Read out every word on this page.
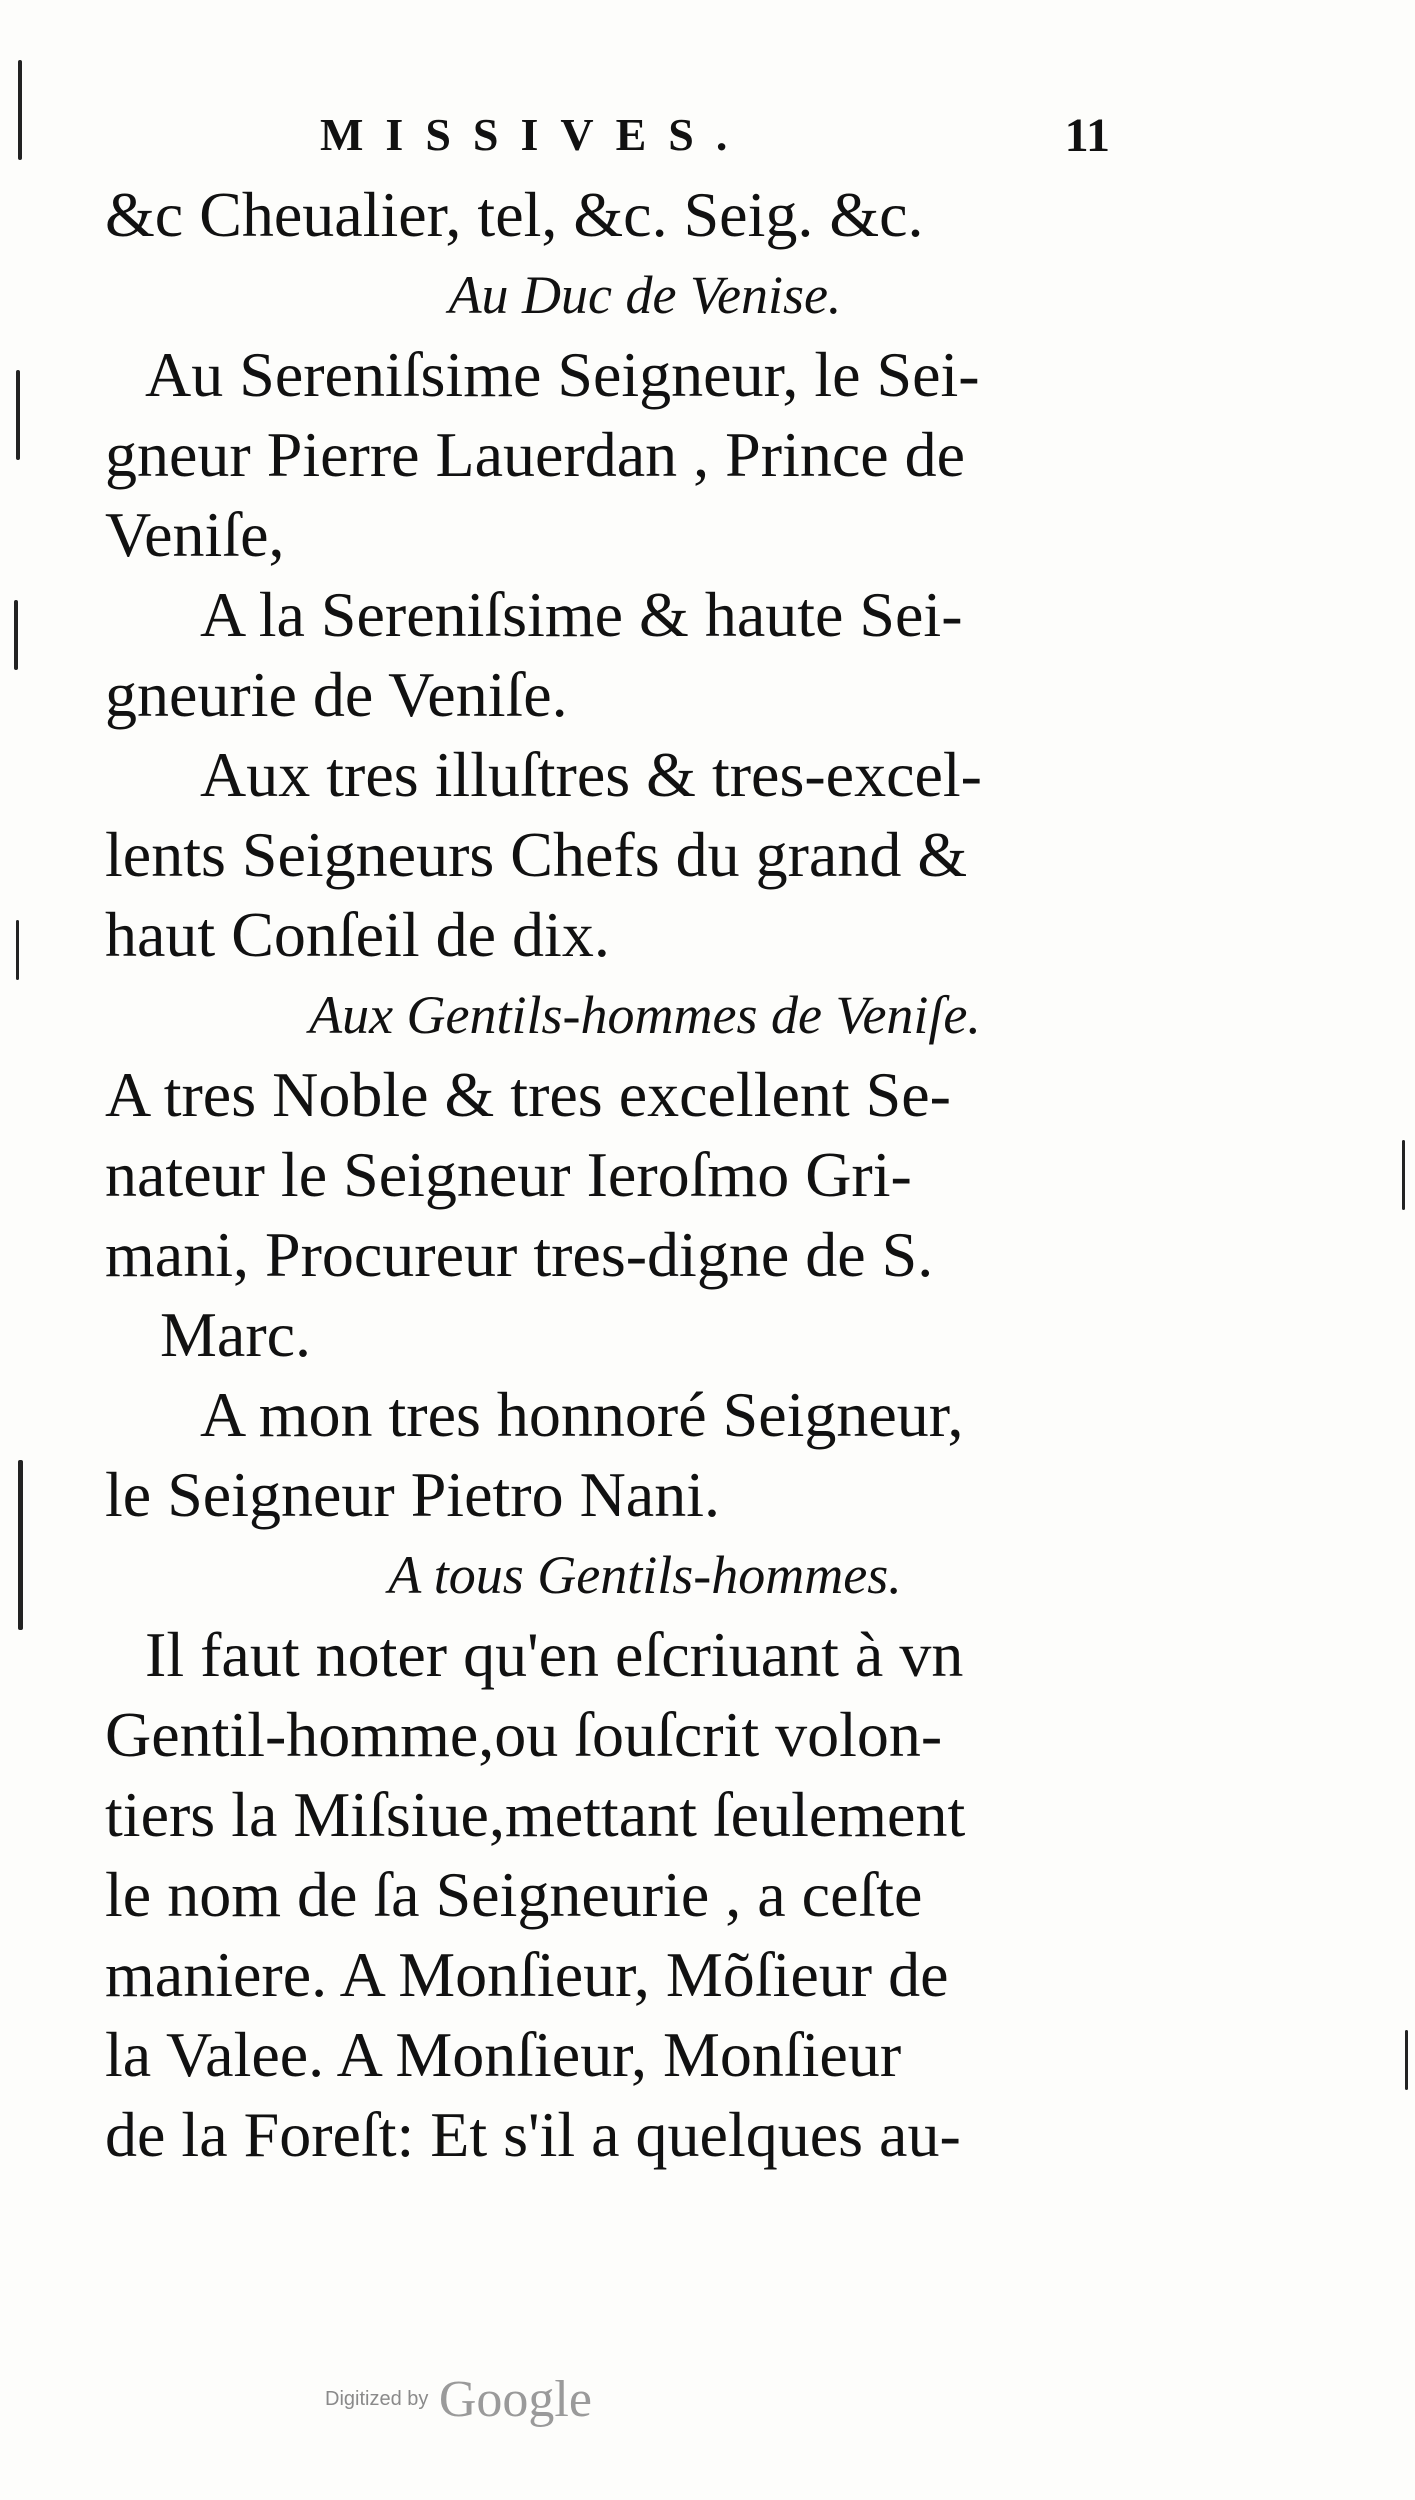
MISSIVES.	11
&c Cheualier, tel, &c. Seig. &c.
Au Duc de Venise.
Au Sereniſsime Seigneur, le Sei-
gneur Pierre Lauerdan , Prince de
Veniſe,
A la Sereniſsime & haute Sei-
gneurie de Veniſe.
Aux tres illuſtres & tres-excel-
lents Seigneurs Chefs du grand &
haut Conſeil de dix.
Aux Gentils-hommes de Veniſe.
A tres Noble & tres excellent Se-
nateur le Seigneur Ieroſmo Gri-
mani, Procureur tres-digne de S.
Marc.
A mon tres honnoré Seigneur,
le Seigneur Pietro Nani.
A tous Gentils-hommes.
Il faut noter qu'en eſcriuant à vn
Gentil-homme,ou ſouſcrit volon-
tiers la Miſsiue,mettant ſeulement
le nom de ſa Seigneurie , a ceſte
maniere. A Monſieur, Mõſieur de
la Valee. A Monſieur, Monſieur
de la Foreſt: Et s'il a quelques au-
Digitized by Google
